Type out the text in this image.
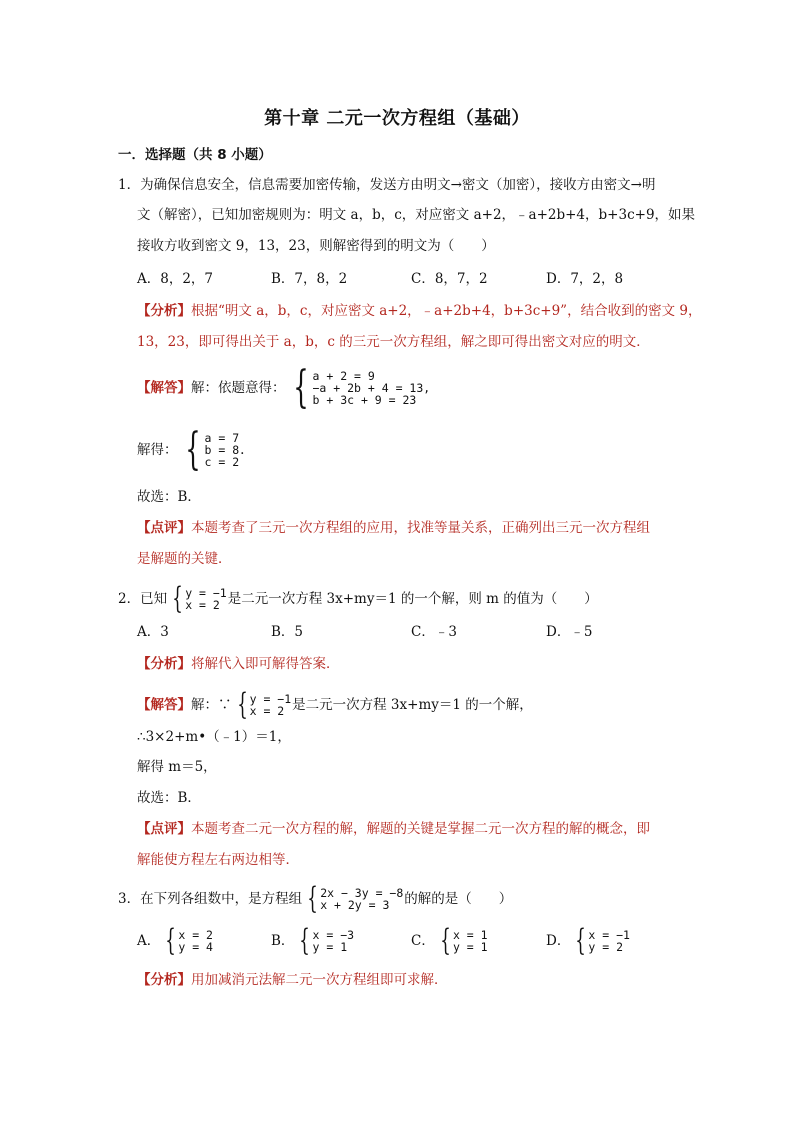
第十章 二元一次方程组（基础）
一．选择题（共 8 小题）
1．为确保信息安全，信息需要加密传输，发送方由明文→密文（加密），接收方由密文→明
文（解密），已知加密规则为：明文 a，b，c，对应密文 a+2，﹣a+2b+4，b+3c+9，如果
接收方收到密文 9，13，23，则解密得到的明文为（　　）
A．8，2，7	B．7，8，2	C．8，7，2	D．7，2，8
【分析】根据“明文 a，b，c，对应密文 a+2，﹣a+2b+4，b+3c+9”，结合收到的密文 9，
13，23，即可得出关于 a，b，c 的三元一次方程组，解之即可得出密文对应的明文．
【解答】 解：依题意得： { a + 2 = 9
−a + 2b + 4 = 13,
b + 3c + 9 = 23
解得： { a = 7
b = 8
c = 2
.
故选：B．
【点评】本题考查了三元一次方程组的应用，找准等量关系，正确列出三元一次方程组
是解题的关键．
2．已知 { y = −1
x = 2 是二元一次方程 3x+my＝1 的一个解，则 m 的值为（　　）
A．3	B．5	C．﹣3	D．﹣5
【分析】将解代入即可解得答案．
【解答】 解：∵ { y = −1
x = 2 是二元一次方程 3x+my＝1 的一个解，
∴3×2+m•（﹣1）＝1，
解得 m＝5，
故选：B．
【点评】本题考查二元一次方程的解，解题的关键是掌握二元一次方程的解的概念，即
解能使方程左右两边相等．
3．在下列各组数中，是方程组 { 2x − 3y = −8
x + 2y = 3	的解的是（　　）
A． { x = 2
y = 4	B． { x = −3
y = 1	C． { x = 1
y = 1	D． { x = −1
y = 2
【分析】用加减消元法解二元一次方程组即可求解．
